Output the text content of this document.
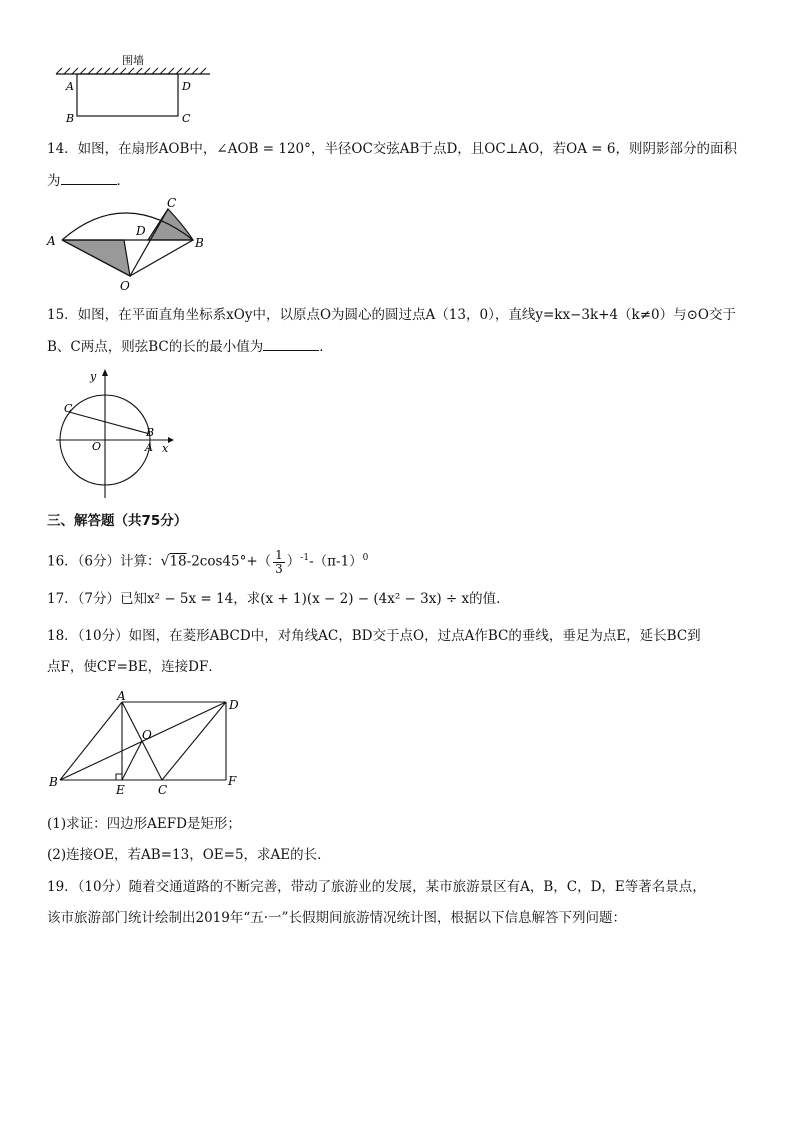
围墙
A
B
D
C
14．如图，在扇形AOB中，∠AOB = 120°，半径OC交弦AB于点D，且OC⊥AO，若OA = 6，则阴影部分的面积
为	．
A
C
D
B
O
15．如图，在平面直角坐标系xOy中，以原点O为圆心的圆过点A（13，0），直线y=kx−3k+4（k≠0）与⊙O交于
B、C两点，则弦BC的长的最小值为	．
y
x
O	A
B
C
三、解答题（共75分）
16．（6分）计算：$√18-2\cos 45^\circ+( \frac{1}{3} )^{-1}-(\pi-1)^0$
17．（7分）已知x² − 5x = 14，求(x + 1)(x − 2) − (4x² − 3x) ÷ x的值．
18．（10分）如图，在菱形ABCD中，对角线AC，BD交于点O，过点A作BC的垂线，垂足为点E，延长BC到
点F，使CF=BE，连接DF．
A
D
O
B
E	C
F
(1)求证：四边形AEFD是矩形；
(2)连接OE，若AB=13，OE=5，求AE的长．
19．（10分）随着交通道路的不断完善，带动了旅游业的发展，某市旅游景区有A，B，C，D，E等著名景点，
该市旅游部门统计绘制出2019年“五·一”长假期间旅游情况统计图，根据以下信息解答下列问题：
